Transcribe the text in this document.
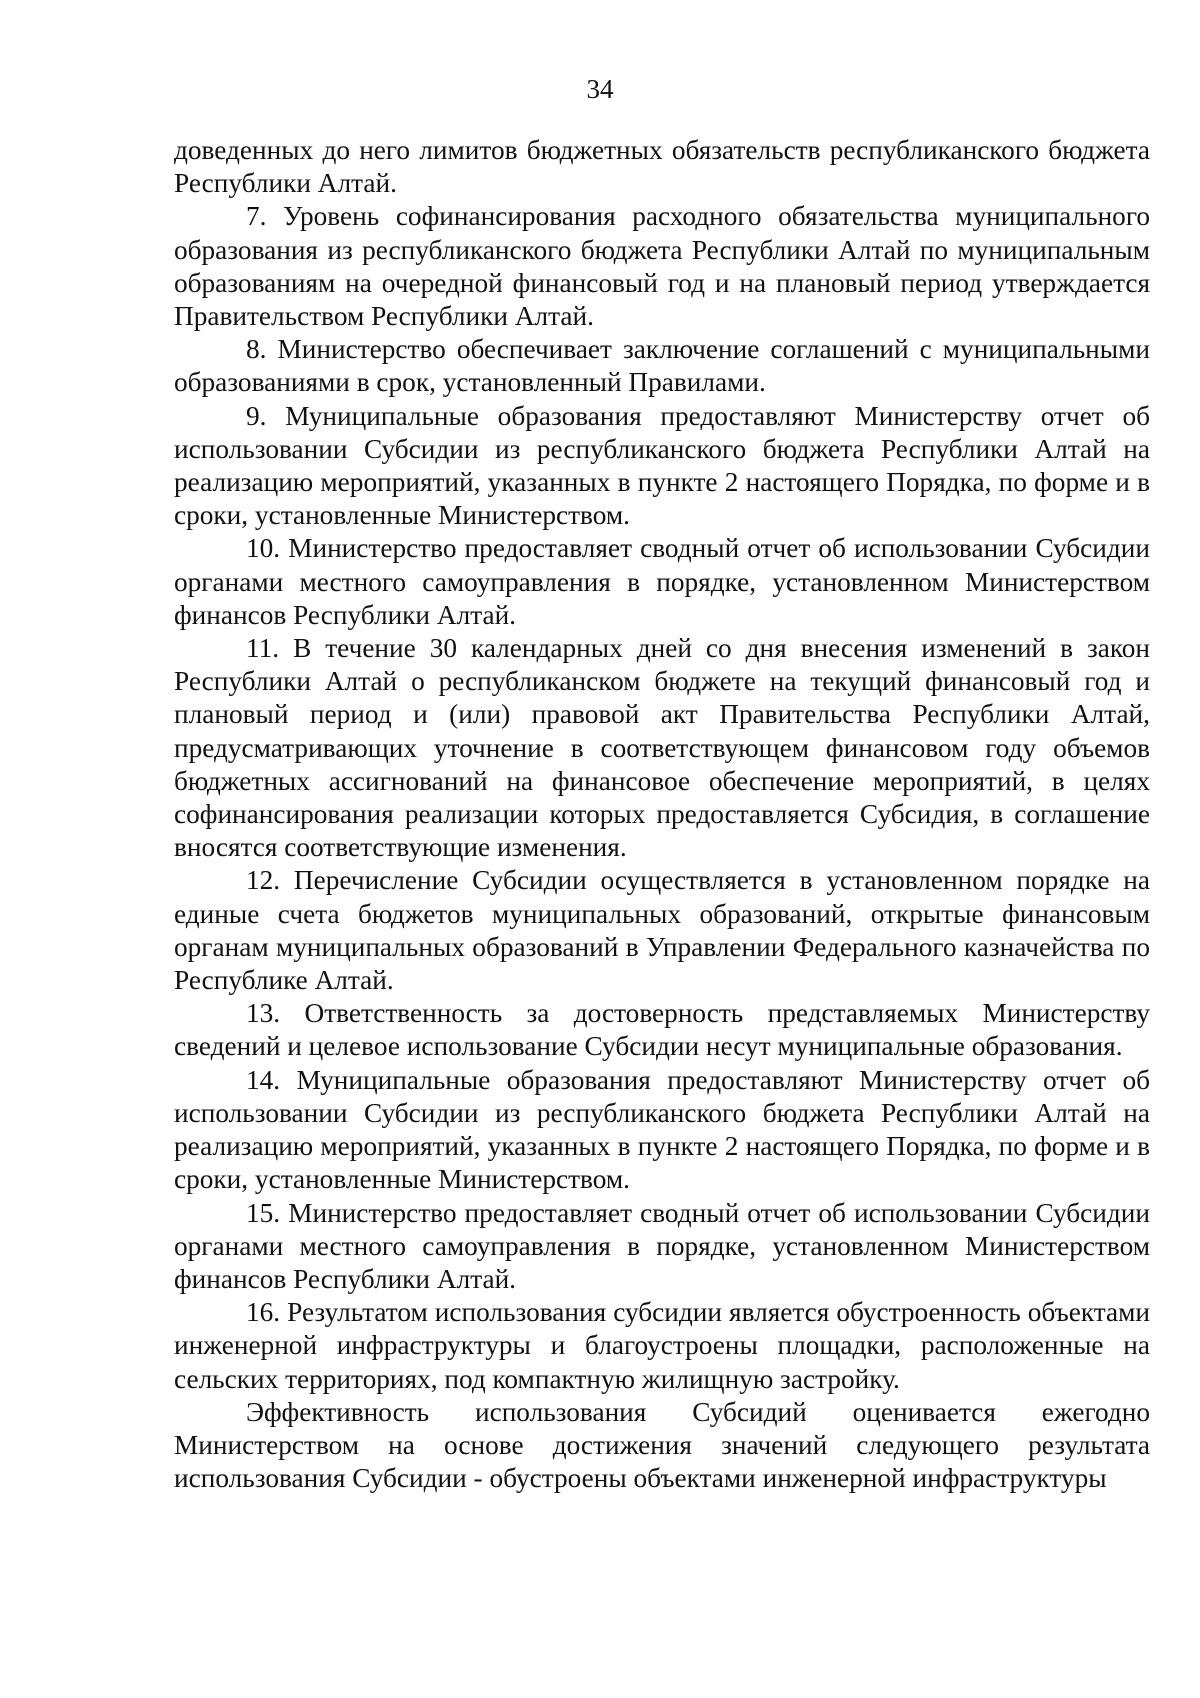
34

доведенных до него лимитов бюджетных обязательств республиканского бюджета Республики Алтай.

7. Уровень софинансирования расходного обязательства муниципального образования из республиканского бюджета Республики Алтай по муниципальным образованиям на очередной финансовый год и на плановый период утверждается Правительством Республики Алтай.

8. Министерство обеспечивает заключение соглашений с муниципальными образованиями в срок, установленный Правилами.

9. Муниципальные образования предоставляют Министерству отчет об использовании Субсидии из республиканского бюджета Республики Алтай на реализацию мероприятий, указанных в пункте 2 настоящего Порядка, по форме и в сроки, установленные Министерством.

10. Министерство предоставляет сводный отчет об использовании Субсидии органами местного самоуправления в порядке, установленном Министерством финансов Республики Алтай.

11. В течение 30 календарных дней со дня внесения изменений в закон Республики Алтай о республиканском бюджете на текущий финансовый год и плановый период и (или) правовой акт Правительства Республики Алтай, предусматривающих уточнение в соответствующем финансовом году объемов бюджетных ассигнований на финансовое обеспечение мероприятий, в целях софинансирования реализации которых предоставляется Субсидия, в соглашение вносятся соответствующие изменения.

12. Перечисление Субсидии осуществляется в установленном порядке на единые счета бюджетов муниципальных образований, открытые финансовым органам муниципальных образований в Управлении Федерального казначейства по Республике Алтай.

13. Ответственность за достоверность представляемых Министерству сведений и целевое использование Субсидии несут муниципальные образования.

14. Муниципальные образования предоставляют Министерству отчет об использовании Субсидии из республиканского бюджета Республики Алтай на реализацию мероприятий, указанных в пункте 2 настоящего Порядка, по форме и в сроки, установленные Министерством.

15. Министерство предоставляет сводный отчет об использовании Субсидии органами местного самоуправления в порядке, установленном Министерством финансов Республики Алтай.

16. Результатом использования субсидии является обустроенность объектами инженерной инфраструктуры и благоустроены площадки, расположенные на сельских территориях, под компактную жилищную застройку.

Эффективность использования Субсидий оценивается ежегодно Министерством на основе достижения значений следующего результата использования Субсидии - обустроены объектами инженерной инфраструктуры
